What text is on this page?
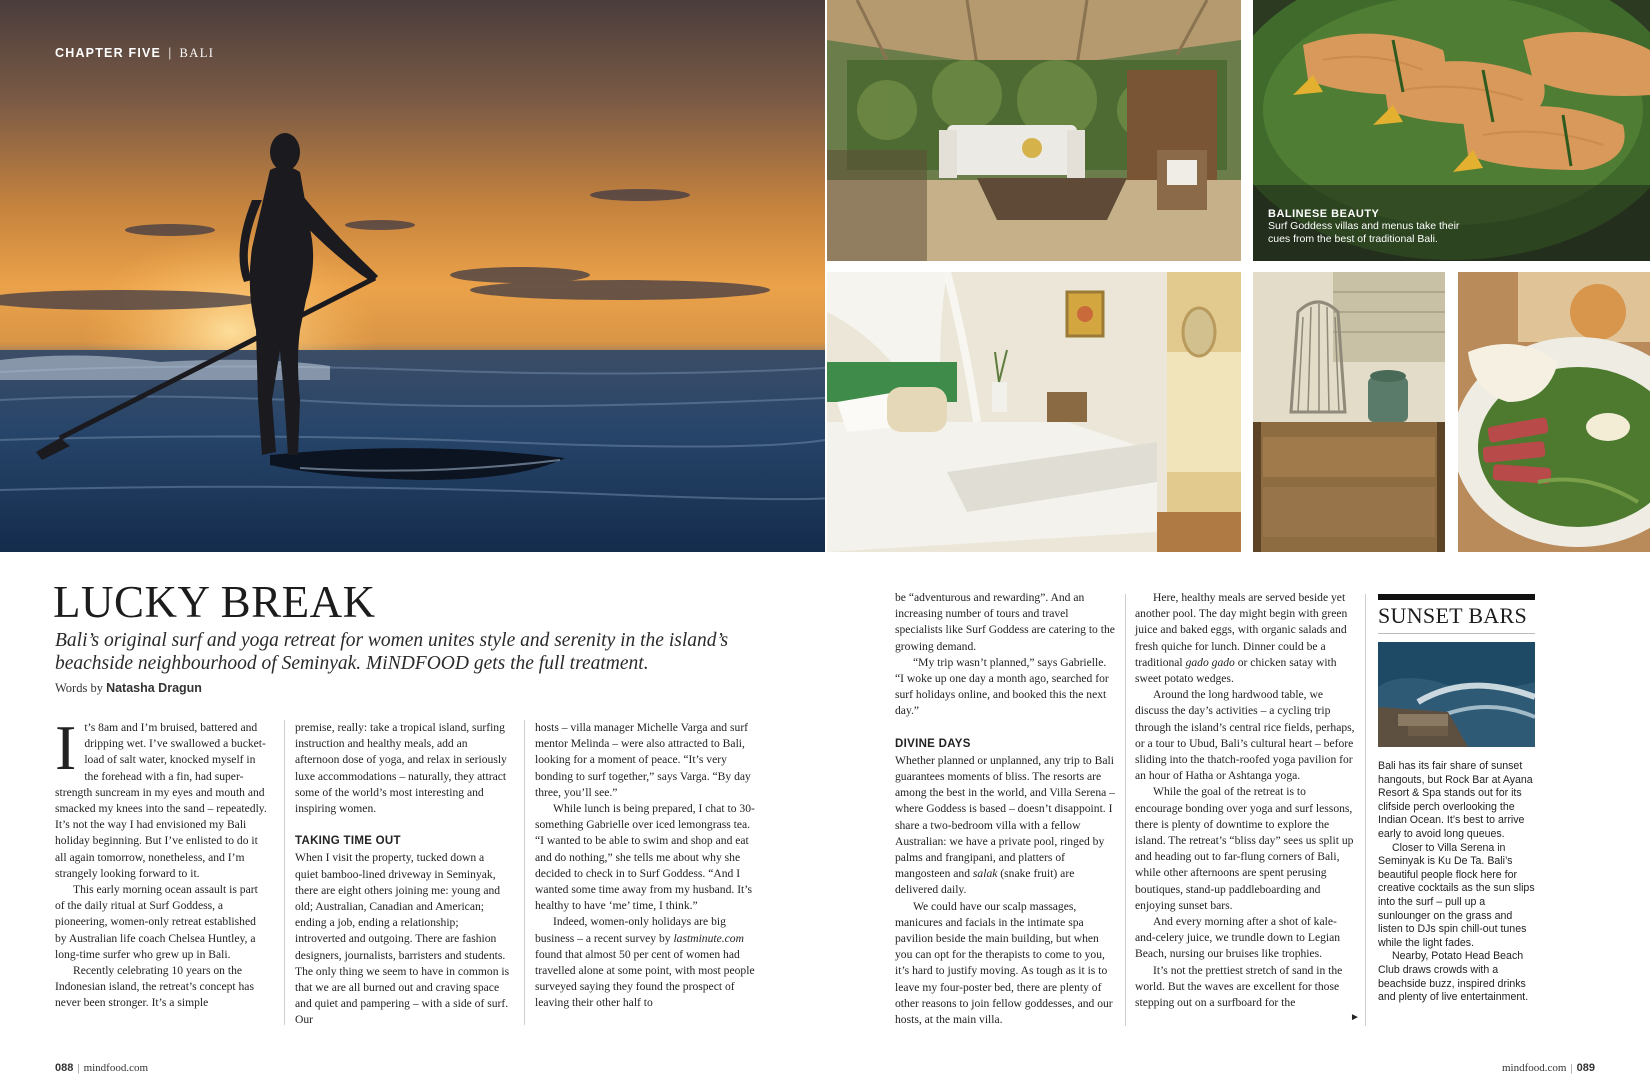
BALINESE BEAUTY
Surf Goddess villas and menus take their cues from the best of traditional Bali.
CHAPTER FIVE | BALI
LUCKY BREAK
Bali’s original surf and yoga retreat for women unites style and serenity in the island’s beachside neighbourhood of Seminyak. MiNDFOOD gets the full treatment.
Words by Natasha Dragun

It’s 8am and I’m bruised, battered and dripping wet. I’ve swallowed a bucket-load of salt water, knocked myself in the forehead with a fin, had super-strength suncream in my eyes and mouth and smacked my knees into the sand – repeatedly. It’s not the way I had envisioned my Bali holiday beginning. But I’ve enlisted to do it all again tomorrow, nonetheless, and I’m strangely looking forward to it.

This early morning ocean assault is part of the daily ritual at Surf Goddess, a pioneering, women-only retreat established by Australian life coach Chelsea Huntley, a long-time surfer who grew up in Bali.

Recently celebrating 10 years on the Indonesian island, the retreat’s concept has never been stronger. It’s a simple

premise, really: take a tropical island, surfing instruction and healthy meals, add an afternoon dose of yoga, and relax in seriously luxe accommodations – naturally, they attract some of the world’s most interesting and inspiring women.

TAKING TIME OUT

When I visit the property, tucked down a quiet bamboo-lined driveway in Seminyak, there are eight others joining me: young and old; Australian, Canadian and American; ending a job, ending a relationship; introverted and outgoing. There are fashion designers, journalists, barristers and students. The only thing we seem to have in common is that we are all burned out and craving space and quiet and pampering – with a side of surf. Our

hosts – villa manager Michelle Varga and surf mentor Melinda – were also attracted to Bali, looking for a moment of peace. “It’s very bonding to surf together,” says Varga. “By day three, you’ll see.”

While lunch is being prepared, I chat to 30-something Gabrielle over iced lemongrass tea. “I wanted to be able to swim and shop and eat and do nothing,” she tells me about why she decided to check in to Surf Goddess. “And I wanted some time away from my husband. It’s healthy to have ‘me’ time, I think.”

Indeed, women-only holidays are big business – a recent survey by lastminute.com found that almost 50 per cent of women had travelled alone at some point, with most people surveyed saying they found the prospect of leaving their other half to

be “adventurous and rewarding”. And an increasing number of tours and travel specialists like Surf Goddess are catering to the growing demand.

“My trip wasn’t planned,” says Gabrielle. “I woke up one day a month ago, searched for surf holidays online, and booked this the next day.”

DIVINE DAYS

Whether planned or unplanned, any trip to Bali guarantees moments of bliss. The resorts are among the best in the world, and Villa Serena – where Goddess is based – doesn’t disappoint. I share a two-bedroom villa with a fellow Australian: we have a private pool, ringed by palms and frangipani, and platters of mangosteen and salak (snake fruit) are delivered daily.

We could have our scalp massages, manicures and facials in the intimate spa pavilion beside the main building, but when you can opt for the therapists to come to you, it’s hard to justify moving. As tough as it is to leave my four-poster bed, there are plenty of other reasons to join fellow goddesses, and our hosts, at the main villa.

Here, healthy meals are served beside yet another pool. The day might begin with green juice and baked eggs, with organic salads and fresh quiche for lunch. Dinner could be a traditional gado gado or chicken satay with sweet potato wedges.

Around the long hardwood table, we discuss the day’s activities – a cycling trip through the island’s central rice fields, perhaps, or a tour to Ubud, Bali’s cultural heart – before sliding into the thatch-roofed yoga pavilion for an hour of Hatha or Ashtanga yoga.

While the goal of the retreat is to encourage bonding over yoga and surf lessons, there is plenty of downtime to explore the island. The retreat’s “bliss day” sees us split up and heading out to far-flung corners of Bali, while other afternoons are spent perusing boutiques, stand-up paddleboarding and enjoying sunset bars.

And every morning after a shot of kale-and-celery juice, we trundle down to Legian Beach, nursing our bruises like trophies.

It’s not the prettiest stretch of sand in the world. But the waves are excellent for those stepping out on a surfboard for the

►
SUNSET BARS

Bali has its fair share of sunset hangouts, but Rock Bar at Ayana Resort & Spa stands out for its clifside perch overlooking the Indian Ocean. It’s best to arrive early to avoid long queues.

Closer to Villa Serena in Seminyak is Ku De Ta. Bali’s beautiful people flock here for creative cocktails as the sun slips into the surf – pull up a sunlounger on the grass and listen to DJs spin chill-out tunes while the light fades.

Nearby, Potato Head Beach Club draws crowds with a beachside buzz, inspired drinks and plenty of live entertainment.

088 | mindfood.com	mindfood.com | 089
